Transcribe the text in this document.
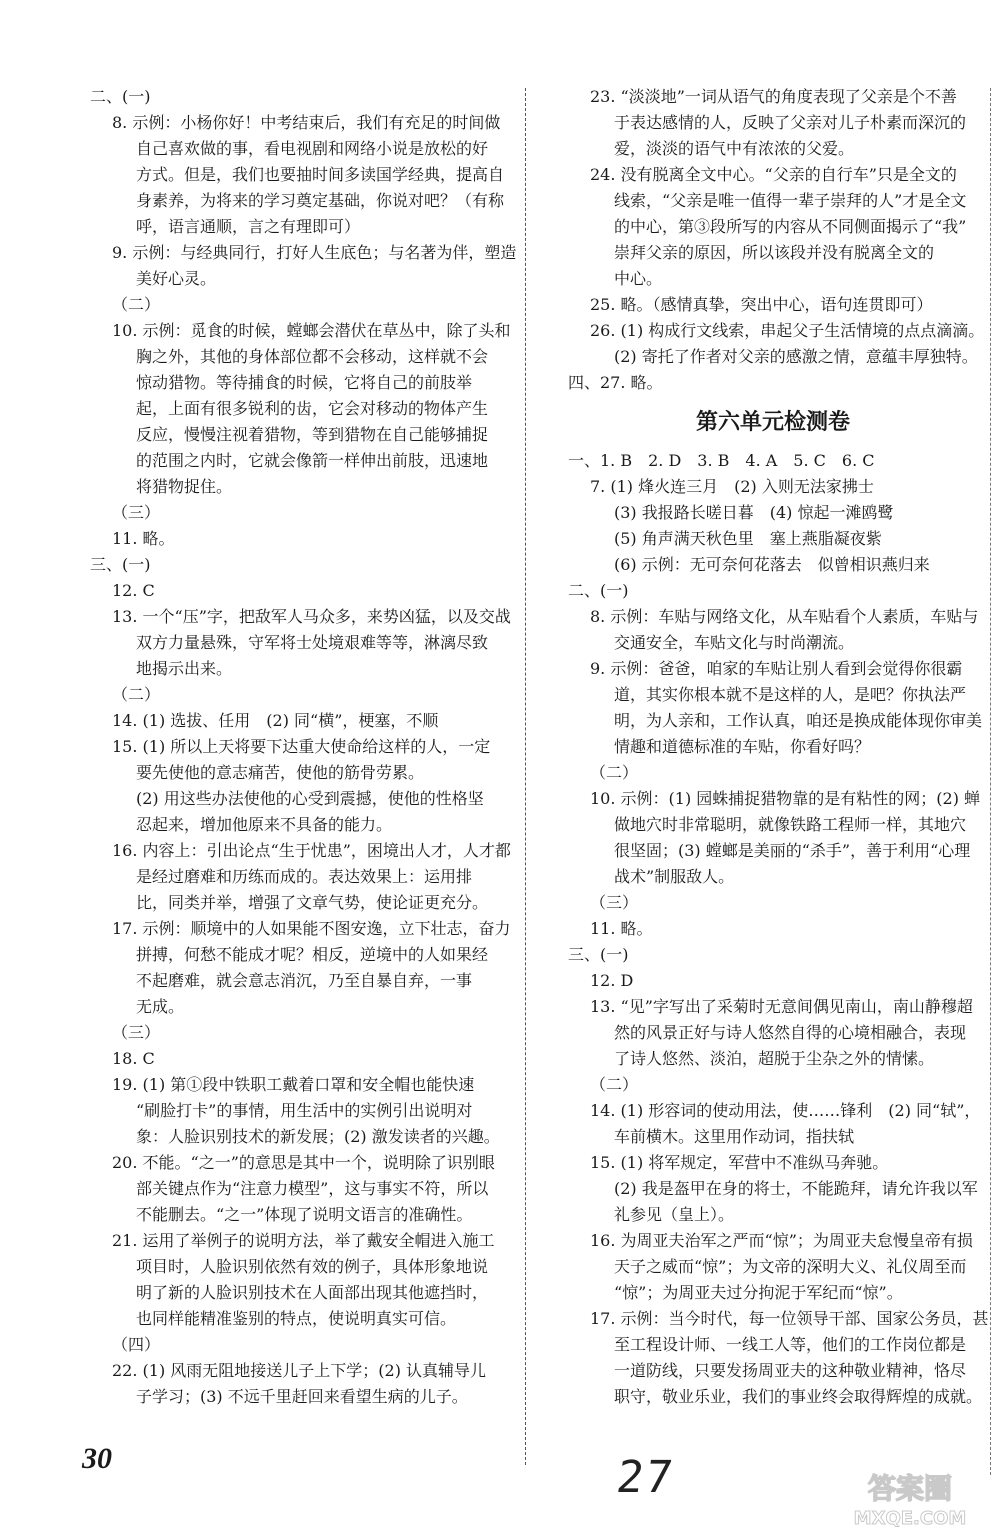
二、(一)

8. 示例：小杨你好！中考结束后，我们有充足的时间做

自己喜欢做的事，看电视剧和网络小说是放松的好

方式。但是，我们也要抽时间多读国学经典，提高自

身素养，为将来的学习奠定基础，你说对吧？（有称

呼，语言通顺，言之有理即可）

9. 示例：与经典同行，打好人生底色；与名著为伴，塑造

美好心灵。

（二）

10. 示例：觅食的时候，螳螂会潜伏在草丛中，除了头和

胸之外，其他的身体部位都不会移动，这样就不会

惊动猎物。等待捕食的时候，它将自己的前肢举

起，上面有很多锐利的齿，它会对移动的物体产生

反应，慢慢注视着猎物，等到猎物在自己能够捕捉

的范围之内时，它就会像箭一样伸出前肢，迅速地

将猎物捉住。

（三）

11. 略。

三、(一)

12. C

13. 一个“压”字，把敌军人马众多，来势凶猛，以及交战

双方力量悬殊，守军将士处境艰难等等，淋漓尽致

地揭示出来。

（二）

14. (1) 选拔、任用　(2) 同“横”，梗塞，不顺

15. (1) 所以上天将要下达重大使命给这样的人，一定

要先使他的意志痛苦，使他的筋骨劳累。

(2) 用这些办法使他的心受到震撼，使他的性格坚

忍起来，增加他原来不具备的能力。

16. 内容上：引出论点“生于忧患”，困境出人才，人才都

是经过磨难和历练而成的。表达效果上：运用排

比，同类并举，增强了文章气势，使论证更充分。

17. 示例：顺境中的人如果能不图安逸，立下壮志，奋力

拼搏，何愁不能成才呢？相反，逆境中的人如果经

不起磨难，就会意志消沉，乃至自暴自弃，一事

无成。

（三）

18. C

19. (1) 第①段中铁职工戴着口罩和安全帽也能快速

“刷脸打卡”的事情，用生活中的实例引出说明对

象：人脸识别技术的新发展；(2) 激发读者的兴趣。

20. 不能。“之一”的意思是其中一个，说明除了识别眼

部关键点作为“注意力模型”，这与事实不符，所以

不能删去。“之一”体现了说明文语言的准确性。

21. 运用了举例子的说明方法，举了戴安全帽进入施工

项目时，人脸识别依然有效的例子，具体形象地说

明了新的人脸识别技术在人面部出现其他遮挡时，

也同样能精准鉴别的特点，使说明真实可信。

（四）

22. (1) 风雨无阻地接送儿子上下学；(2) 认真辅导儿

子学习；(3) 不远千里赶回来看望生病的儿子。

23. “淡淡地”一词从语气的角度表现了父亲是个不善

于表达感情的人，反映了父亲对儿子朴素而深沉的

爱，淡淡的语气中有浓浓的父爱。

24. 没有脱离全文中心。“父亲的自行车”只是全文的

线索，“父亲是唯一值得一辈子崇拜的人”才是全文

的中心，第③段所写的内容从不同侧面揭示了“我”

崇拜父亲的原因，所以该段并没有脱离全文的

中心。

25. 略。（感情真挚，突出中心，语句连贯即可）

26. (1) 构成行文线索，串起父子生活情境的点点滴滴。

(2) 寄托了作者对父亲的感激之情，意蕴丰厚独特。

四、27. 略。

第六单元检测卷

一、1. B　2. D　3. B　4. A　5. C　6. C

7. (1) 烽火连三月　(2) 入则无法家拂士

(3) 我报路长嗟日暮　(4) 惊起一滩鸥鹭

(5) 角声满天秋色里　塞上燕脂凝夜紫

(6) 示例：无可奈何花落去　似曾相识燕归来

二、(一)

8. 示例：车贴与网络文化，从车贴看个人素质，车贴与

交通安全，车贴文化与时尚潮流。

9. 示例：爸爸，咱家的车贴让别人看到会觉得你很霸

道，其实你根本就不是这样的人，是吧？你执法严

明，为人亲和，工作认真，咱还是换成能体现你审美

情趣和道德标准的车贴，你看好吗？

（二）

10. 示例：(1) 园蛛捕捉猎物靠的是有粘性的网；(2) 蝉

做地穴时非常聪明，就像铁路工程师一样，其地穴

很坚固；(3) 螳螂是美丽的“杀手”，善于利用“心理

战术”制服敌人。

（三）

11. 略。

三、(一)

12. D

13. “见”字写出了采菊时无意间偶见南山，南山静穆超

然的风景正好与诗人悠然自得的心境相融合，表现

了诗人悠然、淡泊，超脱于尘杂之外的情愫。

（二）

14. (1) 形容词的使动用法，使……锋利　(2) 同“轼”，

车前横木。这里用作动词，指扶轼

15. (1) 将军规定，军营中不准纵马奔驰。

(2) 我是盔甲在身的将士，不能跪拜，请允许我以军

礼参见（皇上）。

16. 为周亚夫治军之严而“惊”；为周亚夫怠慢皇帝有损

天子之威而“惊”；为文帝的深明大义、礼仪周至而

“惊”；为周亚夫过分拘泥于军纪而“惊”。

17. 示例：当今时代，每一位领导干部、国家公务员，甚

至工程设计师、一线工人等，他们的工作岗位都是

一道防线，只要发扬周亚夫的这种敬业精神，恪尽

职守，敬业乐业，我们的事业终会取得辉煌的成就。

30	27	答案圈
MXQE.COM
